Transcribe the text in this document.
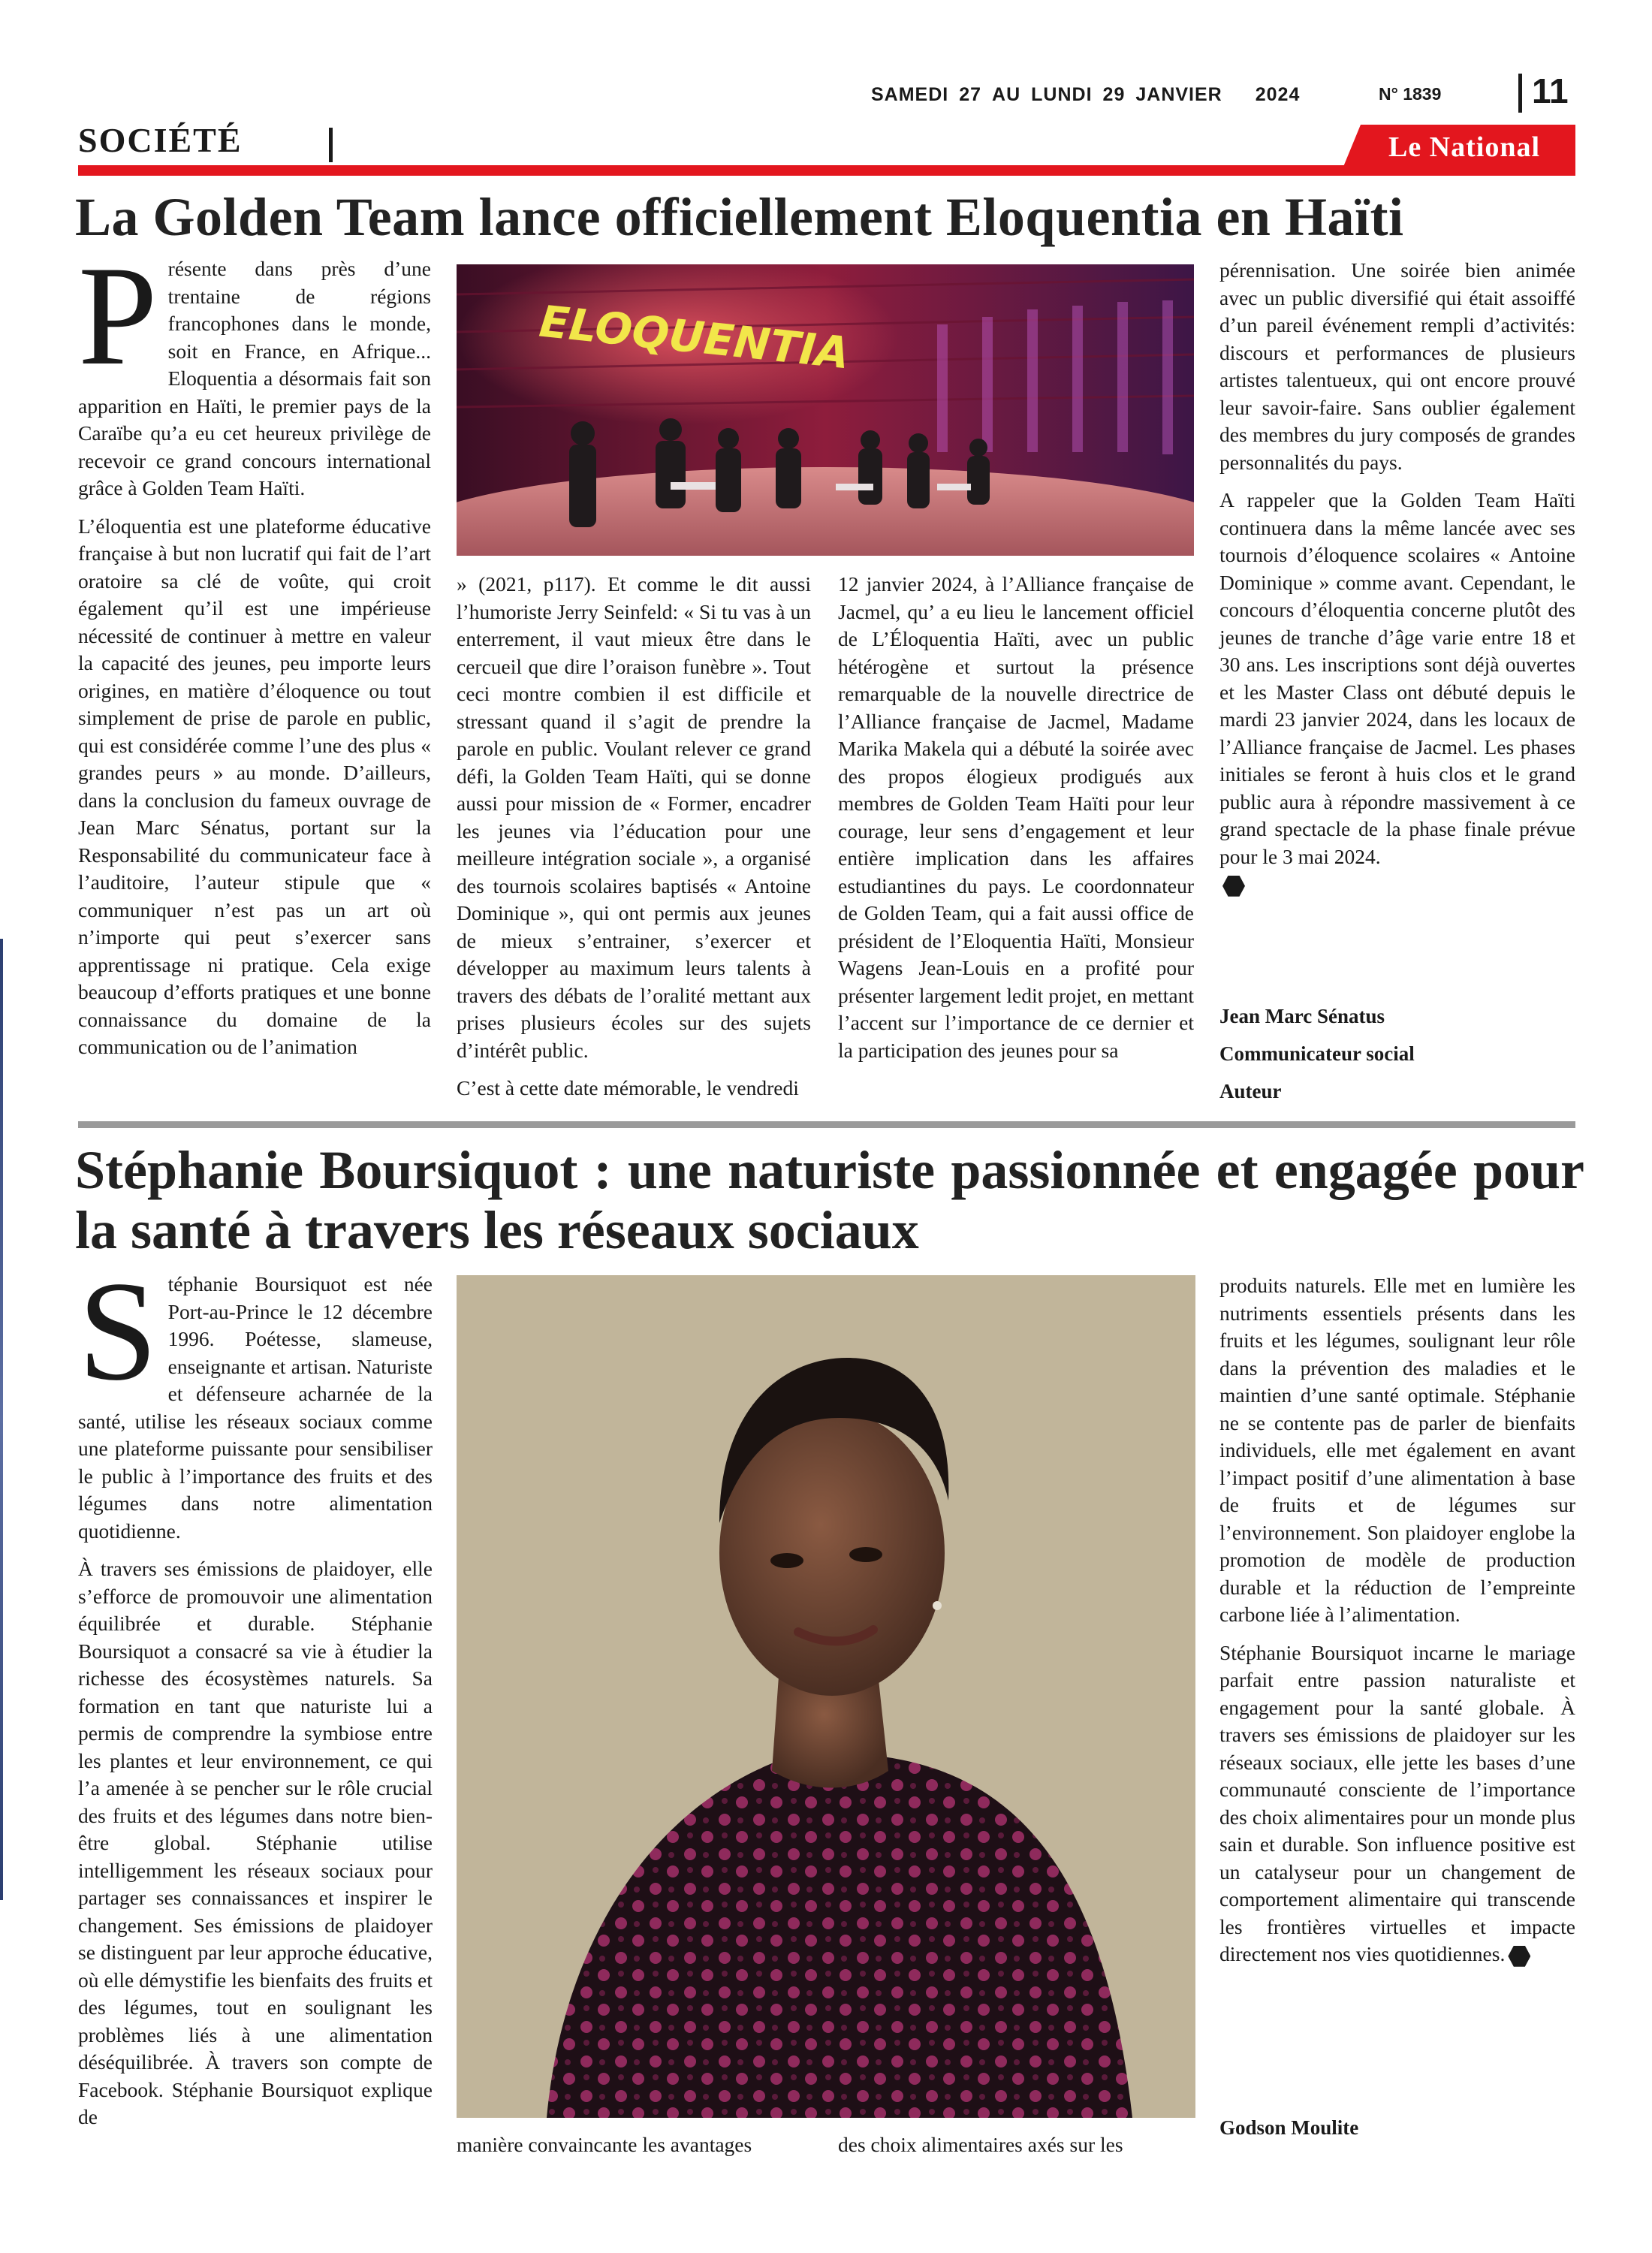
SAMEDI 27 AU LUNDI 29 JANVIER 2024	N° 1839	11
SOCIÉTÉ	Le National
La Golden Team lance officiellement Eloquentia en Haïti

Présente dans près d’une trentaine de régions francophones dans le monde, soit en France, en Afrique... Eloquentia a désormais fait son apparition en Haïti, le premier pays de la Caraïbe qu’a eu cet heureux privilège de recevoir ce grand concours international grâce à Golden Team Haïti.

L’éloquentia est une plateforme éducative française à but non lucratif qui fait de l’art oratoire sa clé de voûte, qui croit également qu’il est une impérieuse nécessité de continuer à mettre en valeur la capacité des jeunes, peu importe leurs origines, en matière d’éloquence ou tout simplement de prise de parole en public, qui est considérée comme l’une des plus « grandes peurs » au monde. D’ailleurs, dans la conclusion du fameux ouvrage de Jean Marc Sénatus, portant sur la Responsabilité du communicateur face à l’auditoire, l’auteur stipule que « communiquer n’est pas un art où n’importe qui peut s’exercer sans apprentissage ni pratique. Cela exige beaucoup d’efforts pratiques et une bonne connaissance du domaine de la communication ou de l’animation

ELOQUENTIA

» (2021, p117). Et comme le dit aussi l’humoriste Jerry Seinfeld: « Si tu vas à un enterrement, il vaut mieux être dans le cercueil que dire l’oraison funèbre ». Tout ceci montre combien il est difficile et stressant quand il s’agit de prendre la parole en public. Voulant relever ce grand défi, la Golden Team Haïti, qui se donne aussi pour mission de « Former, encadrer les jeunes via l’éducation pour une meilleure intégration sociale », a organisé des tournois scolaires baptisés « Antoine Dominique », qui ont permis aux jeunes de mieux s’entrainer, s’exercer et développer au maximum leurs talents à travers des débats de l’oralité mettant aux prises plusieurs écoles sur des sujets d’intérêt public.

C’est à cette date mémorable, le vendredi

12 janvier 2024, à l’Alliance française de Jacmel, qu’ a eu lieu le lancement officiel de L’Éloquentia Haïti, avec un public hétérogène et surtout la présence remarquable de la nouvelle directrice de l’Alliance française de Jacmel, Madame Marika Makela qui a débuté la soirée avec des propos élogieux prodigués aux membres de Golden Team Haïti pour leur courage, leur sens d’engagement et leur entière implication dans les affaires estudiantines du pays. Le coordonnateur de Golden Team, qui a fait aussi office de président de l’Eloquentia Haïti, Monsieur Wagens Jean-Louis en a profité pour présenter largement ledit projet, en mettant l’accent sur l’importance de ce dernier et la participation des jeunes pour sa

pérennisation. Une soirée bien animée avec un public diversifié qui était assoiffé d’un pareil événement rempli d’activités: discours et performances de plusieurs artistes talentueux, qui ont encore prouvé leur savoir-faire. Sans oublier également des membres du jury composés de grandes personnalités du pays.

A rappeler que la Golden Team Haïti continuera dans la même lancée avec ses tournois d’éloquence scolaires « Antoine Dominique » comme avant. Cependant, le concours d’éloquentia concerne plutôt des jeunes de tranche d’âge varie entre 18 et 30 ans. Les inscriptions sont déjà ouvertes et les Master Class ont débuté depuis le mardi 23 janvier 2024, dans les locaux de l’Alliance française de Jacmel. Les phases initiales se feront à huis clos et le grand public aura à répondre massivement à ce grand spectacle de la phase finale prévue pour le 3 mai 2024.

Jean Marc Sénatus
Communicateur social
Auteur
Stéphanie Boursiquot : une naturiste passionnée et engagée pour la santé à travers les réseaux sociaux

Stéphanie Boursiquot est née Port-au-Prince le 12 décembre 1996. Poétesse, slameuse, enseignante et artisan. Naturiste et défenseure acharnée de la santé, utilise les réseaux sociaux comme une plateforme puissante pour sensibiliser le public à l’importance des fruits et des légumes dans notre alimentation quotidienne.

À travers ses émissions de plaidoyer, elle s’efforce de promouvoir une alimentation équilibrée et durable. Stéphanie Boursiquot a consacré sa vie à étudier la richesse des écosystèmes naturels. Sa formation en tant que naturiste lui a permis de comprendre la symbiose entre les plantes et leur environnement, ce qui l’a amenée à se pencher sur le rôle crucial des fruits et des légumes dans notre bien-être global. Stéphanie utilise intelligemment les réseaux sociaux pour partager ses connaissances et inspirer le changement. Ses émissions de plaidoyer se distinguent par leur approche éducative, où elle démystifie les bienfaits des fruits et des légumes, tout en soulignant les problèmes liés à une alimentation déséquilibrée. À travers son compte de Facebook. Stéphanie Boursiquot explique de

manière convaincante les avantages	des choix alimentaires axés sur les

produits naturels. Elle met en lumière les nutriments essentiels présents dans les fruits et les légumes, soulignant leur rôle dans la prévention des maladies et le maintien d’une santé optimale. Stéphanie ne se contente pas de parler de bienfaits individuels, elle met également en avant l’impact positif d’une alimentation à base de fruits et de légumes sur l’environnement. Son plaidoyer englobe la promotion de modèle de production durable et la réduction de l’empreinte carbone liée à l’alimentation.

Stéphanie Boursiquot incarne le mariage parfait entre passion naturaliste et engagement pour la santé globale. À travers ses émissions de plaidoyer sur les réseaux sociaux, elle jette les bases d’une communauté consciente de l’importance des choix alimentaires pour un monde plus sain et durable. Son influence positive est un catalyseur pour un changement de comportement alimentaire qui transcende les frontières virtuelles et impacte directement nos vies quotidiennes.

Godson Moulite
